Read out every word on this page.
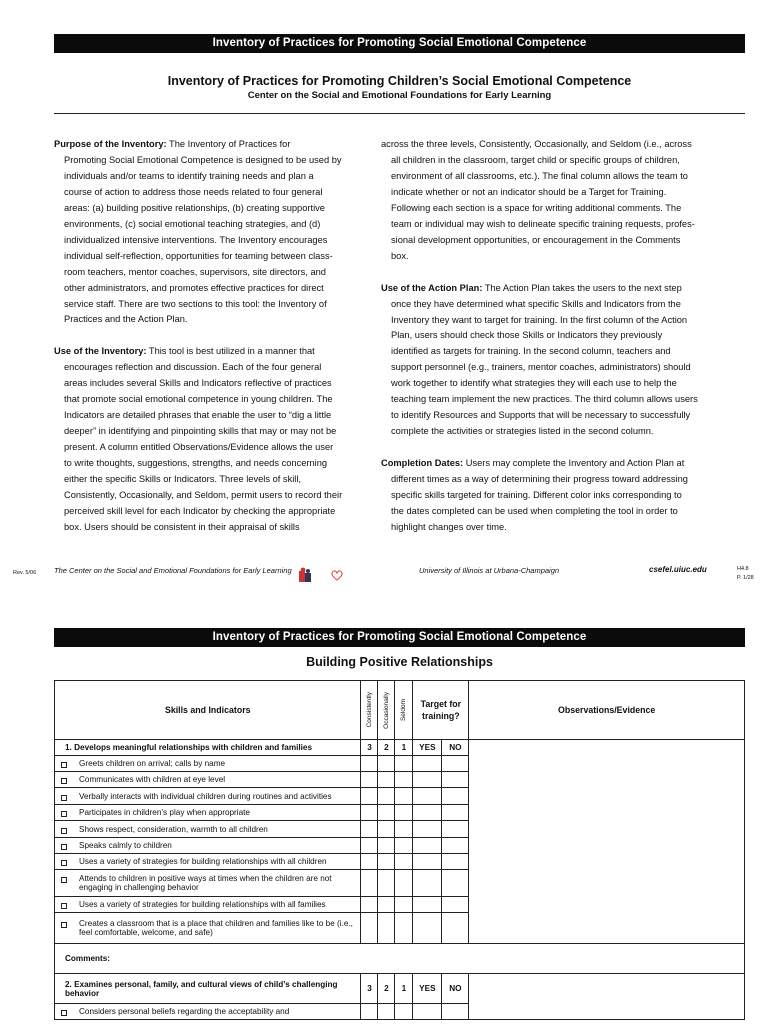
Inventory of Practices for Promoting Social Emotional Competence
Inventory of Practices for Promoting Children’s Social Emotional Competence
Center on the Social and Emotional Foundations for Early Learning
Purpose of the Inventory: The Inventory of Practices for
Promoting Social Emotional Competence is designed to be used by
individuals and/or teams to identify training needs and plan a
course of action to address those needs related to four general
areas: (a) building positive relationships, (b) creating supportive
environments, (c) social emotional teaching strategies, and (d)
individualized intensive interventions. The Inventory encourages
individual self-reflection, opportunities for teaming between class-
room teachers, mentor coaches, supervisors, site directors, and
other administrators, and promotes effective practices for direct
service staff. There are two sections to this tool: the Inventory of
Practices and the Action Plan.
Use of the Inventory: This tool is best utilized in a manner that
encourages reflection and discussion. Each of the four general
areas includes several Skills and Indicators reflective of practices
that promote social emotional competence in young children. The
Indicators are detailed phrases that enable the user to “dig a little
deeper” in identifying and pinpointing skills that may or may not be
present. A column entitled Observations/Evidence allows the user
to write thoughts, suggestions, strengths, and needs concerning
either the specific Skills or Indicators. Three levels of skill,
Consistently, Occasionally, and Seldom, permit users to record their
perceived skill level for each Indicator by checking the appropriate
box. Users should be consistent in their appraisal of skills
across the three levels, Consistently, Occasionally, and Seldom (i.e., across
all children in the classroom, target child or specific groups of children,
environment of all classrooms, etc.). The final column allows the team to
indicate whether or not an indicator should be a Target for Training.
Following each section is a space for writing additional comments. The
team or individual may wish to delineate specific training requests, profes-
sional development opportunities, or encouragement in the Comments
box.
Use of the Action Plan: The Action Plan takes the users to the next step
once they have determined what specific Skills and Indicators from the
Inventory they want to target for training. In the first column of the Action
Plan, users should check those Skills or Indicators they previously
identified as targets for training. In the second column, teachers and
support personnel (e.g., trainers, mentor coaches, administrators) should
work together to identify what strategies they will each use to help the
teaching team implement the new practices. The third column allows users
to identify Resources and Supports that will be necessary to successfully
complete the activities or strategies listed in the second column.
Completion Dates: Users may complete the Inventory and Action Plan at
different times as a way of determining their progress toward addressing
specific skills targeted for training. Different color inks corresponding to
the dates completed can be used when completing the tool in order to
highlight changes over time.
Rev. 5/06 The Center on the Social and Emotional Foundations for Early Learning	University of Illinois at Urbana-Champaign	csefel.uiuc.edu	H4.8
P. 1/28
Inventory of Practices for Promoting Social Emotional Competence
Building Positive Relationships
Skills and Indicators	Consistently	Occasionally	Seldom	Target for
training?		Observations/Evidence
1. Develops meaningful relationships with children and families	3	2	1	YES	NO	

Greets children on arrival; calls by name						

Communicates with children at eye level						

Verbally interacts with individual children during routines and activities						

Participates in children’s play when appropriate						

Shows respect, consideration, warmth to all children						

Speaks calmly to children						

Uses a variety of strategies for building relationships with all children						

Attends to children in positive ways at times when the children are not engaging in challenging behavior						

Uses a variety of strategies for building relationships with all families						

Creates a classroom that is a place that children and families like to be (i.e., feel comfortable, welcome, and safe)						

Comments:						
2. Examines personal, family, and cultural views of child’s challenging behavior	3	2	1	YES	NO	

Considers personal beliefs regarding the acceptability and						
